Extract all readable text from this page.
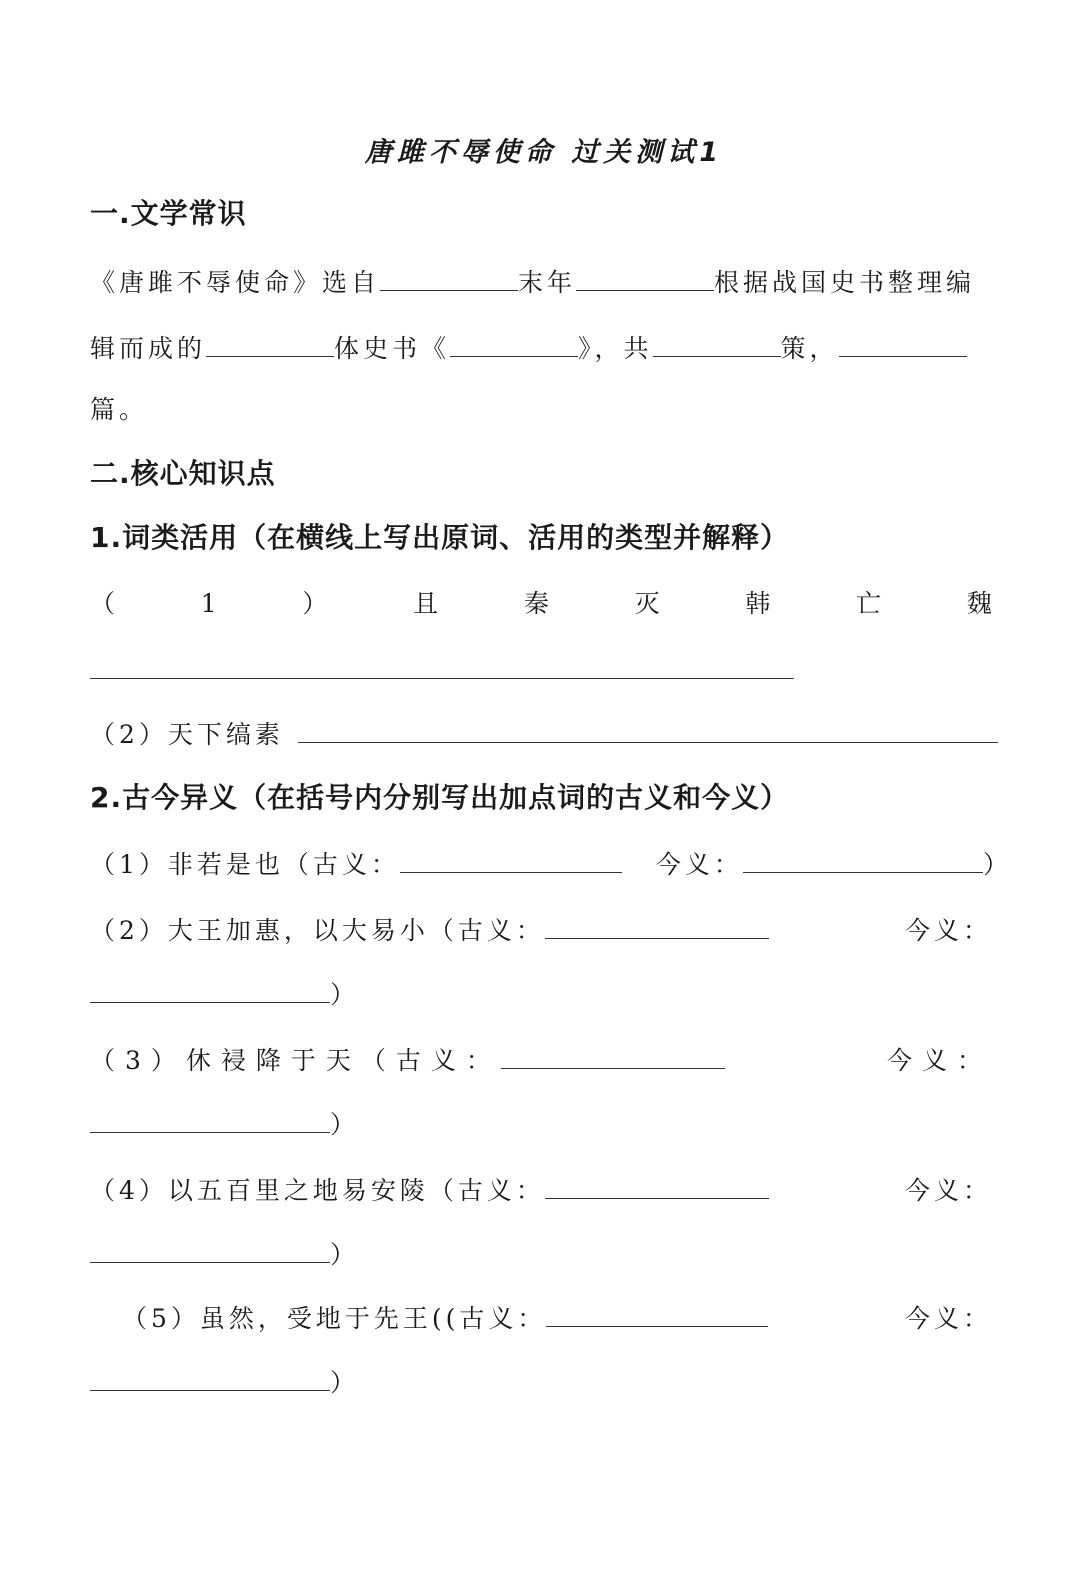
唐雎不辱使命 过关测试1
一.文学常识
《唐雎不辱使命》选自	末年	根据战国史书整理编
辑而成的	体史书《	》，共	策，
篇。
二.核心知识点
1.词类活用（在横线上写出原词、活用的类型并解释）
（	1	）	且	秦	灭	韩	亡	魏
（2）天下缟素
2.古今异义（在括号内分别写出加点词的古义和今义）
（1）非若是也（古义：	今义：	）
（2）大王加惠，以大易小（古义：	今义：
）
（3）休祲降于天（古义：	今义：
）
（4）以五百里之地易安陵（古义：	今义：
）
（5）虽然，受地于先王((古义：	今义：
）
